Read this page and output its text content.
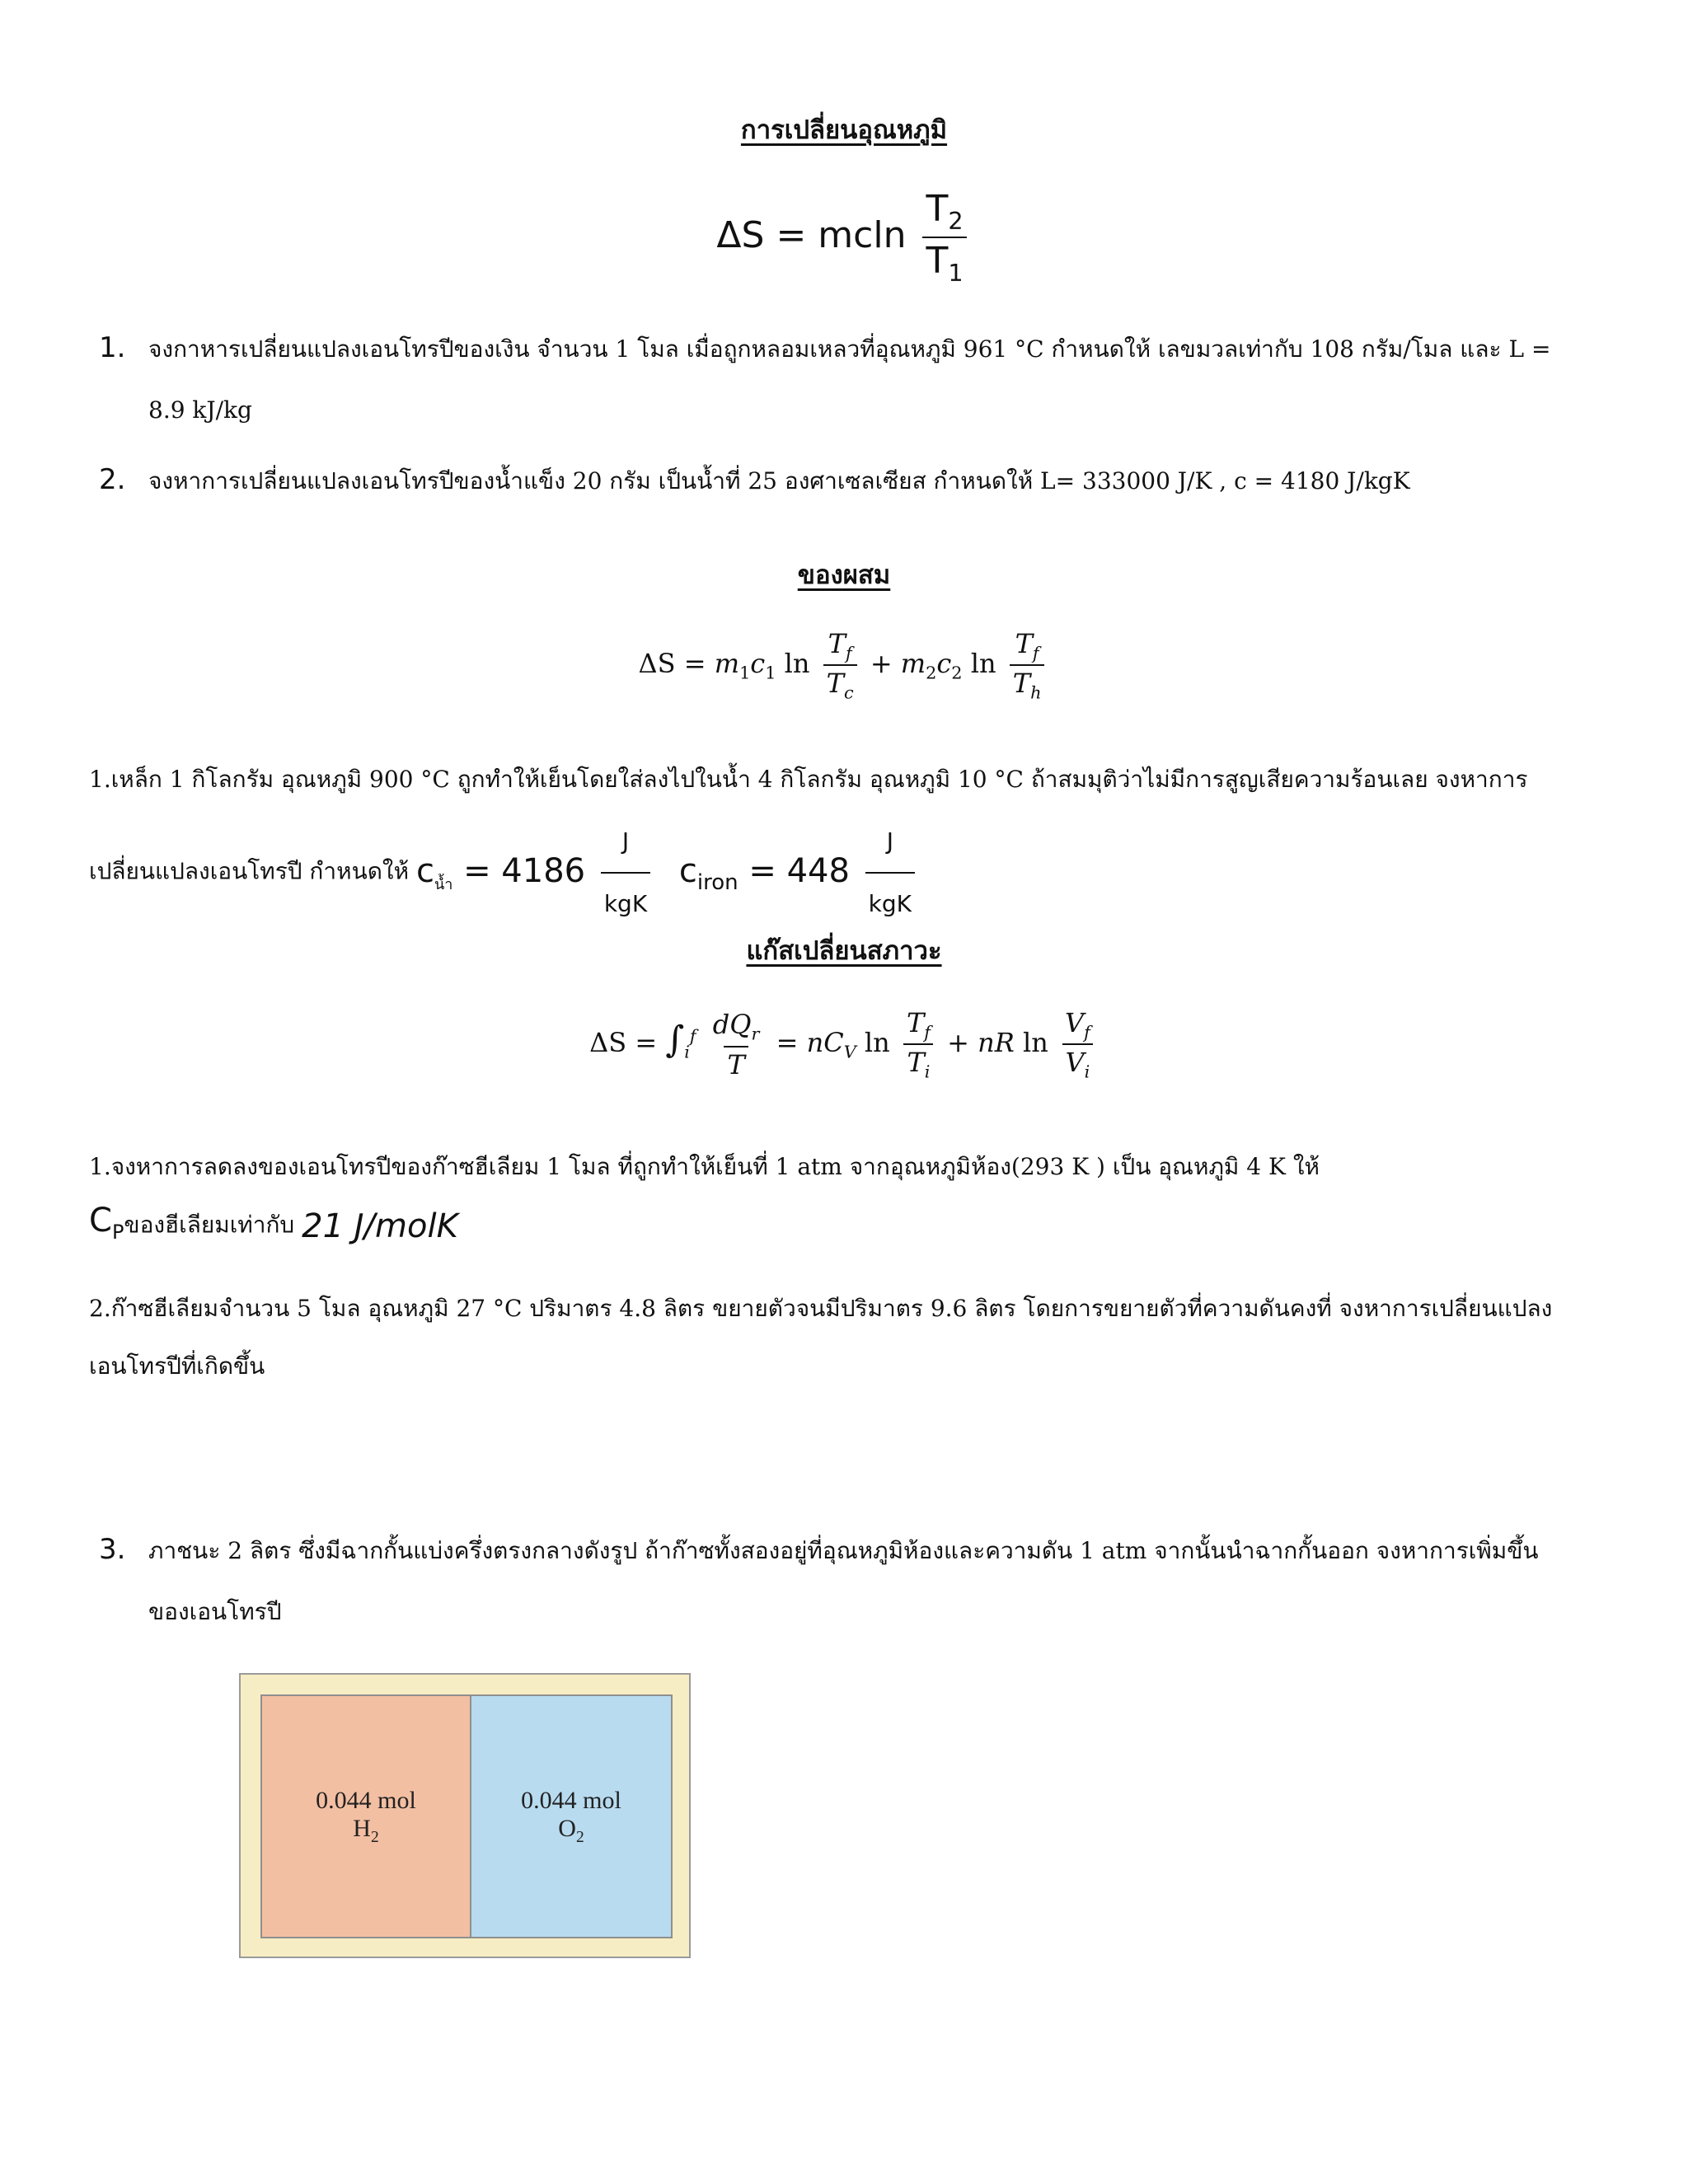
การเปลี่ยนอุณหภูมิ
ΔS = mcln $\frac{T_2}{T_1}$
1. จงกาหารเปลี่ยนแปลงเอนโทรปีของเงิน จำนวน 1 โมล เมื่อถูกหลอมเหลวที่อุณหภูมิ 961 °C กำหนดให้ เลขมวลเท่ากับ 108 กรัม/โมล และ L =
8.9 kJ/kg
2. จงหาการเปลี่ยนแปลงเอนโทรปีของน้ำแข็ง 20 กรัม เป็นน้ำที่ 25 องศาเซลเซียส กำหนดให้ L= 333000 J/K , c = 4180 J/kgK
ของผสม
$\Delta S = m_1c_1$ $\ln \frac{T_f}{T_c} + m_2c_2$ $\ln \frac{T_f}{T_h}$
1.เหล็ก 1 กิโลกรัม อุณหภูมิ 900 °C ถูกทำให้เย็นโดยใส่ลงไปในน้ำ 4 กิโลกรัม อุณหภูมิ 10 °C ถ้าสมมุติว่าไม่มีการสูญเสียความร้อนเลย จงหาการ
เปลี่ยนแปลงเอนโทรปี กำหนดให้ $c_{น้ำ} = 4186 \frac{J}{\text{kgK}} c_{iron} = 448 \frac{J}{\text{kgK}}$
แก๊สเปลี่ยนสภาวะ
$\Delta S = \int_i^f \frac{dQ_r}{T} = nC_V$ $\ln \frac{T_f}{T_i}$ + nR $\ln \frac{V_f}{V_i}$
1.จงหาการลดลงของเอนโทรปีของก๊าซฮีเลียม 1 โมล ที่ถูกทำให้เย็นที่ 1 atm จากอุณหภูมิห้อง(293 K ) เป็น อุณหภูมิ 4 K ให้
$C_P$ของฮีเลียมเท่ากับ 21 J/molK
2.ก๊าซฮีเลียมจำนวน 5 โมล อุณหภูมิ 27 °C ปริมาตร 4.8 ลิตร ขยายตัวจนมีปริมาตร 9.6 ลิตร โดยการขยายตัวที่ความดันคงที่ จงหาการเปลี่ยนแปลง
เอนโทรปีที่เกิดขึ้น
3. ภาชนะ 2 ลิตร ซึ่งมีฉากกั้นแบ่งครึ่งตรงกลางดังรูป ถ้าก๊าซทั้งสองอยู่ที่อุณหภูมิห้องและความดัน 1 atm จากนั้นนำฉากกั้นออก จงหาการเพิ่มขึ้น
ของเอนโทรปี
0.044 mol
$H_2$
0.044 mol
$O_2$
